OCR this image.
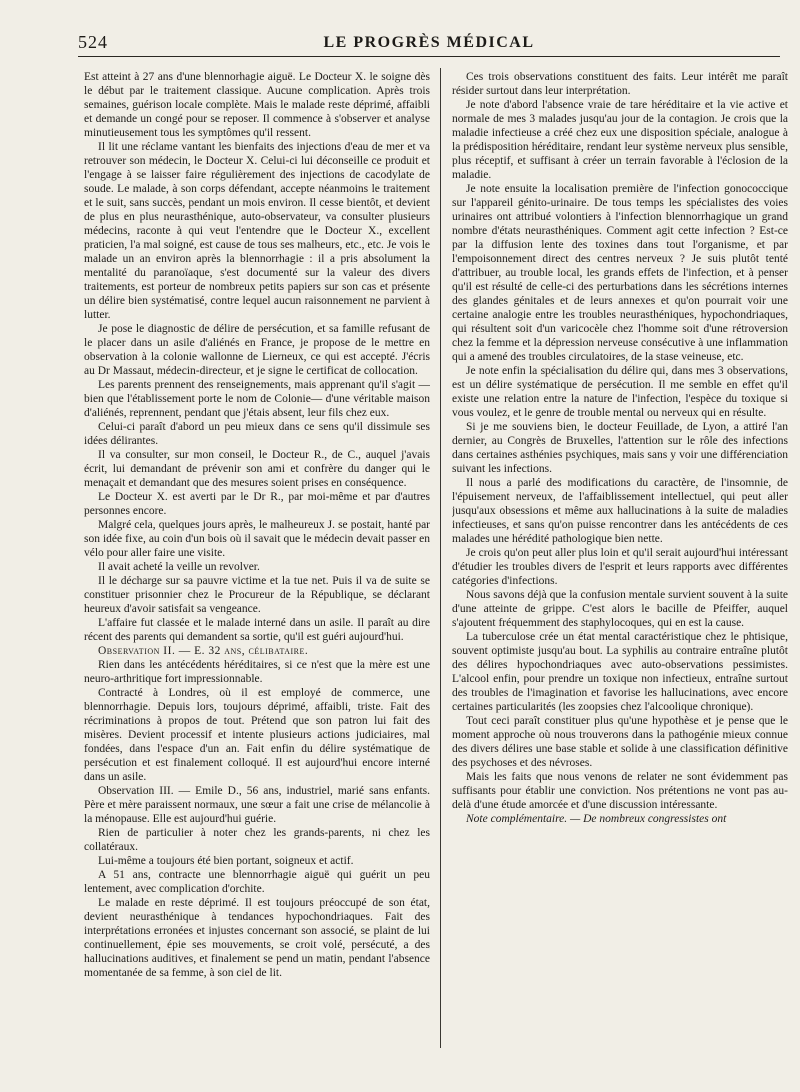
524	LE PROGRÈS MÉDICAL

Est atteint à 27 ans d'une blennorhagie aiguë. Le Docteur X. le soigne dès le début par le traitement classique. Aucune complication. Après trois semaines, guérison locale complète. Mais le malade reste déprimé, affaibli et demande un congé pour se reposer. Il commence à s'observer et analyse minutieusement tous les symptômes qu'il ressent.

Il lit une réclame vantant les bienfaits des injections d'eau de mer et va retrouver son médecin, le Docteur X. Celui-ci lui déconseille ce produit et l'engage à se laisser faire régulièrement des injections de cacodylate de soude. Le malade, à son corps défendant, accepte néanmoins le traitement et le suit, sans succès, pendant un mois environ. Il cesse bientôt, et devient de plus en plus neurasthénique, auto-observateur, va consulter plusieurs médecins, raconte à qui veut l'entendre que le Docteur X., excellent praticien, l'a mal soigné, est cause de tous ses malheurs, etc., etc. Je vois le malade un an environ après la blennorrhagie : il a pris absolument la mentalité du paranoïaque, s'est documenté sur la valeur des divers traitements, est porteur de nombreux petits papiers sur son cas et présente un délire bien systématisé, contre lequel aucun raisonnement ne parvient à lutter.

Je pose le diagnostic de délire de persécution, et sa famille refusant de le placer dans un asile d'aliénés en France, je propose de le mettre en observation à la colonie wallonne de Lierneux, ce qui est accepté. J'écris au Dr Massaut, médecin-directeur, et je signe le certificat de collocation.

Les parents prennent des renseignements, mais apprenant qu'il s'agit —bien que l'établissement porte le nom de Colonie— d'une véritable maison d'aliénés, reprennent, pendant que j'étais absent, leur fils chez eux.

Celui-ci paraît d'abord un peu mieux dans ce sens qu'il dissimule ses idées délirantes.

Il va consulter, sur mon conseil, le Docteur R., de C., auquel j'avais écrit, lui demandant de prévenir son ami et confrère du danger qui le menaçait et demandant que des mesures soient prises en conséquence.

Le Docteur X. est averti par le Dr R., par moi-même et par d'autres personnes encore.

Malgré cela, quelques jours après, le malheureux J. se postait, hanté par son idée fixe, au coin d'un bois où il savait que le médecin devait passer en vélo pour aller faire une visite.

Il avait acheté la veille un revolver.

Il le décharge sur sa pauvre victime et la tue net. Puis il va de suite se constituer prisonnier chez le Procureur de la République, se déclarant heureux d'avoir satisfait sa vengeance.

L'affaire fut classée et le malade interné dans un asile. Il paraît au dire récent des parents qui demandent sa sortie, qu'il est guéri aujourd'hui.

Observation II. — E. 32 ans, célibataire.

Rien dans les antécédents héréditaires, si ce n'est que la mère est une neuro-arthritique fort impressionnable.

Contracté à Londres, où il est employé de commerce, une blennorrhagie. Depuis lors, toujours déprimé, affaibli, triste. Fait des récriminations à propos de tout. Prétend que son patron lui fait des misères. Devient processif et intente plusieurs actions judiciaires, mal fondées, dans l'espace d'un an. Fait enfin du délire systématique de persécution et est finalement colloqué. Il est aujourd'hui encore interné dans un asile.

Observation III. — Emile D., 56 ans, industriel, marié sans enfants. Père et mère paraissent normaux, une sœur a fait une crise de mélancolie à la ménopause. Elle est aujourd'hui guérie.

Rien de particulier à noter chez les grands-parents, ni chez les collatéraux.

Lui-même a toujours été bien portant, soigneux et actif.

A 51 ans, contracte une blennorrhagie aiguë qui guérit un peu lentement, avec complication d'orchite.

Le malade en reste déprimé. Il est toujours préoccupé de son état, devient neurasthénique à tendances hypochondriaques. Fait des interprétations erronées et injustes concernant son associé, se plaint de lui continuellement, épie ses mouvements, se croit volé, persécuté, a des hallucinations auditives, et finalement se pend un matin, pendant l'absence momentanée de sa femme, à son ciel de lit.

Ces trois observations constituent des faits. Leur intérêt me paraît résider surtout dans leur interprétation.

Je note d'abord l'absence vraie de tare héréditaire et la vie active et normale de mes 3 malades jusqu'au jour de la contagion. Je crois que la maladie infectieuse a créé chez eux une disposition spéciale, analogue à la prédisposition héréditaire, rendant leur système nerveux plus sensible, plus réceptif, et suffisant à créer un terrain favorable à l'éclosion de la maladie.

Je note ensuite la localisation première de l'infection gonococcique sur l'appareil génito-urinaire. De tous temps les spécialistes des voies urinaires ont attribué volontiers à l'infection blennorrhagique un grand nombre d'états neurasthéniques. Comment agit cette infection ? Est-ce par la diffusion lente des toxines dans tout l'organisme, et par l'empoisonnement direct des centres nerveux ? Je suis plutôt tenté d'attribuer, au trouble local, les grands effets de l'infection, et à penser qu'il est résulté de celle-ci des perturbations dans les sécrétions internes des glandes génitales et de leurs annexes et qu'on pourrait voir une certaine analogie entre les troubles neurasthéniques, hypochondriaques, qui résultent soit d'un varicocèle chez l'homme soit d'une rétroversion chez la femme et la dépression nerveuse consécutive à une inflammation qui a amené des troubles circulatoires, de la stase veineuse, etc.

Je note enfin la spécialisation du délire qui, dans mes 3 observations, est un délire systématique de persécution. Il me semble en effet qu'il existe une relation entre la nature de l'infection, l'espèce du toxique si vous voulez, et le genre de trouble mental ou nerveux qui en résulte.

Si je me souviens bien, le docteur Feuillade, de Lyon, a attiré l'an dernier, au Congrès de Bruxelles, l'attention sur le rôle des infections dans certaines asthénies psychiques, mais sans y voir une différenciation suivant les infections.

Il nous a parlé des modifications du caractère, de l'insomnie, de l'épuisement nerveux, de l'affaiblissement intellectuel, qui peut aller jusqu'aux obsessions et même aux hallucinations à la suite de maladies infectieuses, et sans qu'on puisse rencontrer dans les antécédents de ces malades une hérédité pathologique bien nette.

Je crois qu'on peut aller plus loin et qu'il serait aujourd'hui intéressant d'étudier les troubles divers de l'esprit et leurs rapports avec différentes catégories d'infections.

Nous savons déjà que la confusion mentale survient souvent à la suite d'une atteinte de grippe. C'est alors le bacille de Pfeiffer, auquel s'ajoutent fréquemment des staphylocoques, qui en est la cause.

La tuberculose crée un état mental caractéristique chez le phtisique, souvent optimiste jusqu'au bout. La syphilis au contraire entraîne plutôt des délires hypochondriaques avec auto-observations pessimistes. L'alcool enfin, pour prendre un toxique non infectieux, entraîne surtout des troubles de l'imagination et favorise les hallucinations, avec encore certaines particularités (les zoopsies chez l'alcoolique chronique).

Tout ceci paraît constituer plus qu'une hypothèse et je pense que le moment approche où nous trouverons dans la pathogénie mieux connue des divers délires une base stable et solide à une classification définitive des psychoses et des névroses.

Mais les faits que nous venons de relater ne sont évidemment pas suffisants pour établir une conviction. Nos prétentions ne vont pas au-delà d'une étude amorcée et d'une discussion intéressante.

Note complémentaire. — De nombreux congressistes ont
